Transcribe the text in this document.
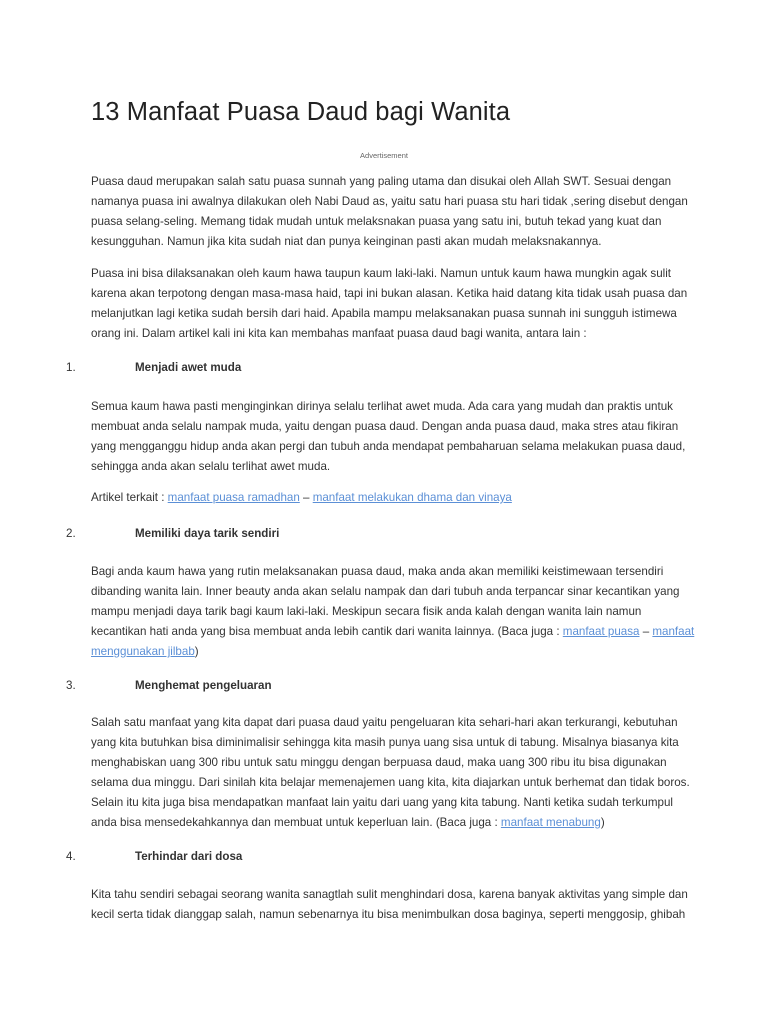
13 Manfaat Puasa Daud bagi Wanita
Advertisement

Puasa daud merupakan salah satu puasa sunnah yang paling utama dan disukai oleh Allah SWT. Sesuai dengan
namanya puasa ini awalnya dilakukan oleh Nabi Daud as, yaitu satu hari puasa stu hari tidak ,sering disebut dengan
puasa selang-seling. Memang tidak mudah untuk melaksnakan puasa yang satu ini, butuh tekad yang kuat dan
kesungguhan. Namun jika kita sudah niat dan punya keinginan pasti akan mudah melaksnakannya.

Puasa ini bisa dilaksanakan oleh kaum hawa taupun kaum laki-laki. Namun untuk kaum hawa mungkin agak sulit
karena akan terpotong dengan masa-masa haid, tapi ini bukan alasan. Ketika haid datang kita tidak usah puasa dan
melanjutkan lagi ketika sudah bersih dari haid. Apabila mampu melaksanakan puasa sunnah ini sungguh istimewa
orang ini. Dalam artikel kali ini kita kan membahas manfaat puasa daud bagi wanita, antara lain :

1.	Menjadi awet muda

Semua kaum hawa pasti menginginkan dirinya selalu terlihat awet muda. Ada cara yang mudah dan praktis untuk
membuat anda selalu nampak muda, yaitu dengan puasa daud. Dengan anda puasa daud, maka stres atau fikiran
yang mengganggu hidup anda akan pergi dan tubuh anda mendapat pembaharuan selama melakukan puasa daud,
sehingga anda akan selalu terlihat awet muda.

Artikel terkait : manfaat puasa ramadhan – manfaat melakukan dhama dan vinaya
2.	Memiliki daya tarik sendiri

Bagi anda kaum hawa yang rutin melaksanakan puasa daud, maka anda akan memiliki keistimewaan tersendiri
dibanding wanita lain. Inner beauty anda akan selalu nampak dan dari tubuh anda terpancar sinar kecantikan yang
mampu menjadi daya tarik bagi kaum laki-laki. Meskipun secara fisik anda kalah dengan wanita lain namun
kecantikan hati anda yang bisa membuat anda lebih cantik dari wanita lainnya. (Baca juga : manfaat puasa – manfaat
menggunakan jilbab)

3.	Menghemat pengeluaran

Salah satu manfaat yang kita dapat dari puasa daud yaitu pengeluaran kita sehari-hari akan terkurangi, kebutuhan
yang kita butuhkan bisa diminimalisir sehingga kita masih punya uang sisa untuk di tabung. Misalnya biasanya kita
menghabiskan uang 300 ribu untuk satu minggu dengan berpuasa daud, maka uang 300 ribu itu bisa digunakan
selama dua minggu. Dari sinilah kita belajar memenajemen uang kita, kita diajarkan untuk berhemat dan tidak boros.
Selain itu kita juga bisa mendapatkan manfaat lain yaitu dari uang yang kita tabung. Nanti ketika sudah terkumpul
anda bisa mensedekahkannya dan membuat untuk keperluan lain. (Baca juga : manfaat menabung)

4.	Terhindar dari dosa

Kita tahu sendiri sebagai seorang wanita sanagtlah sulit menghindari dosa, karena banyak aktivitas yang simple dan
kecil serta tidak dianggap salah, namun sebenarnya itu bisa menimbulkan dosa baginya, seperti menggosip, ghibah
